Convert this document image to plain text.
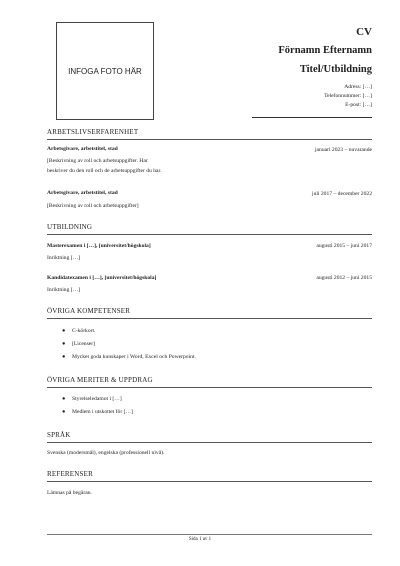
INFOGA FOTO HÄR
CV
Förnamn Efternamn
Titel/Utbildning
Adress: […]
Telefonnummer: […]
E-post: […]
ARBETSLIVSERFARENHET
Arbetsgivare, arbetstitel, stad	januari 2023 – nuvarande
[Beskrivning av roll och arbetsuppgifter. Har
beskriver du den roll och de arbetsuppgifter du har.
Arbetsgivare, arbetstitel, stad	juli 2017 – december 2022
[Beskrivning av roll och arbetsuppgifter]
UTBILDNING
Masterexamen i […], [universitet/högskola]	augusti 2015 – juni 2017
Inriktning […]
Kandidatexamen i […], [universitet/högskola]	augusti 2012 – juni 2015
Inriktning […]
ÖVRIGA KOMPETENSER
● C-körkort.
● [Licenser]
● Mycket goda kunskaper i Word, Excel och Powerpoint.
ÖVRIGA MERITER & UPPDRAG
● Styrelseledamot i […]
● Medlem i utskottet för […]
SPRÅK
Svenska (modersmål), engelska (professionell nivå).
REFERENSER
Lämnas på begäran.
Sida 1 av 1
